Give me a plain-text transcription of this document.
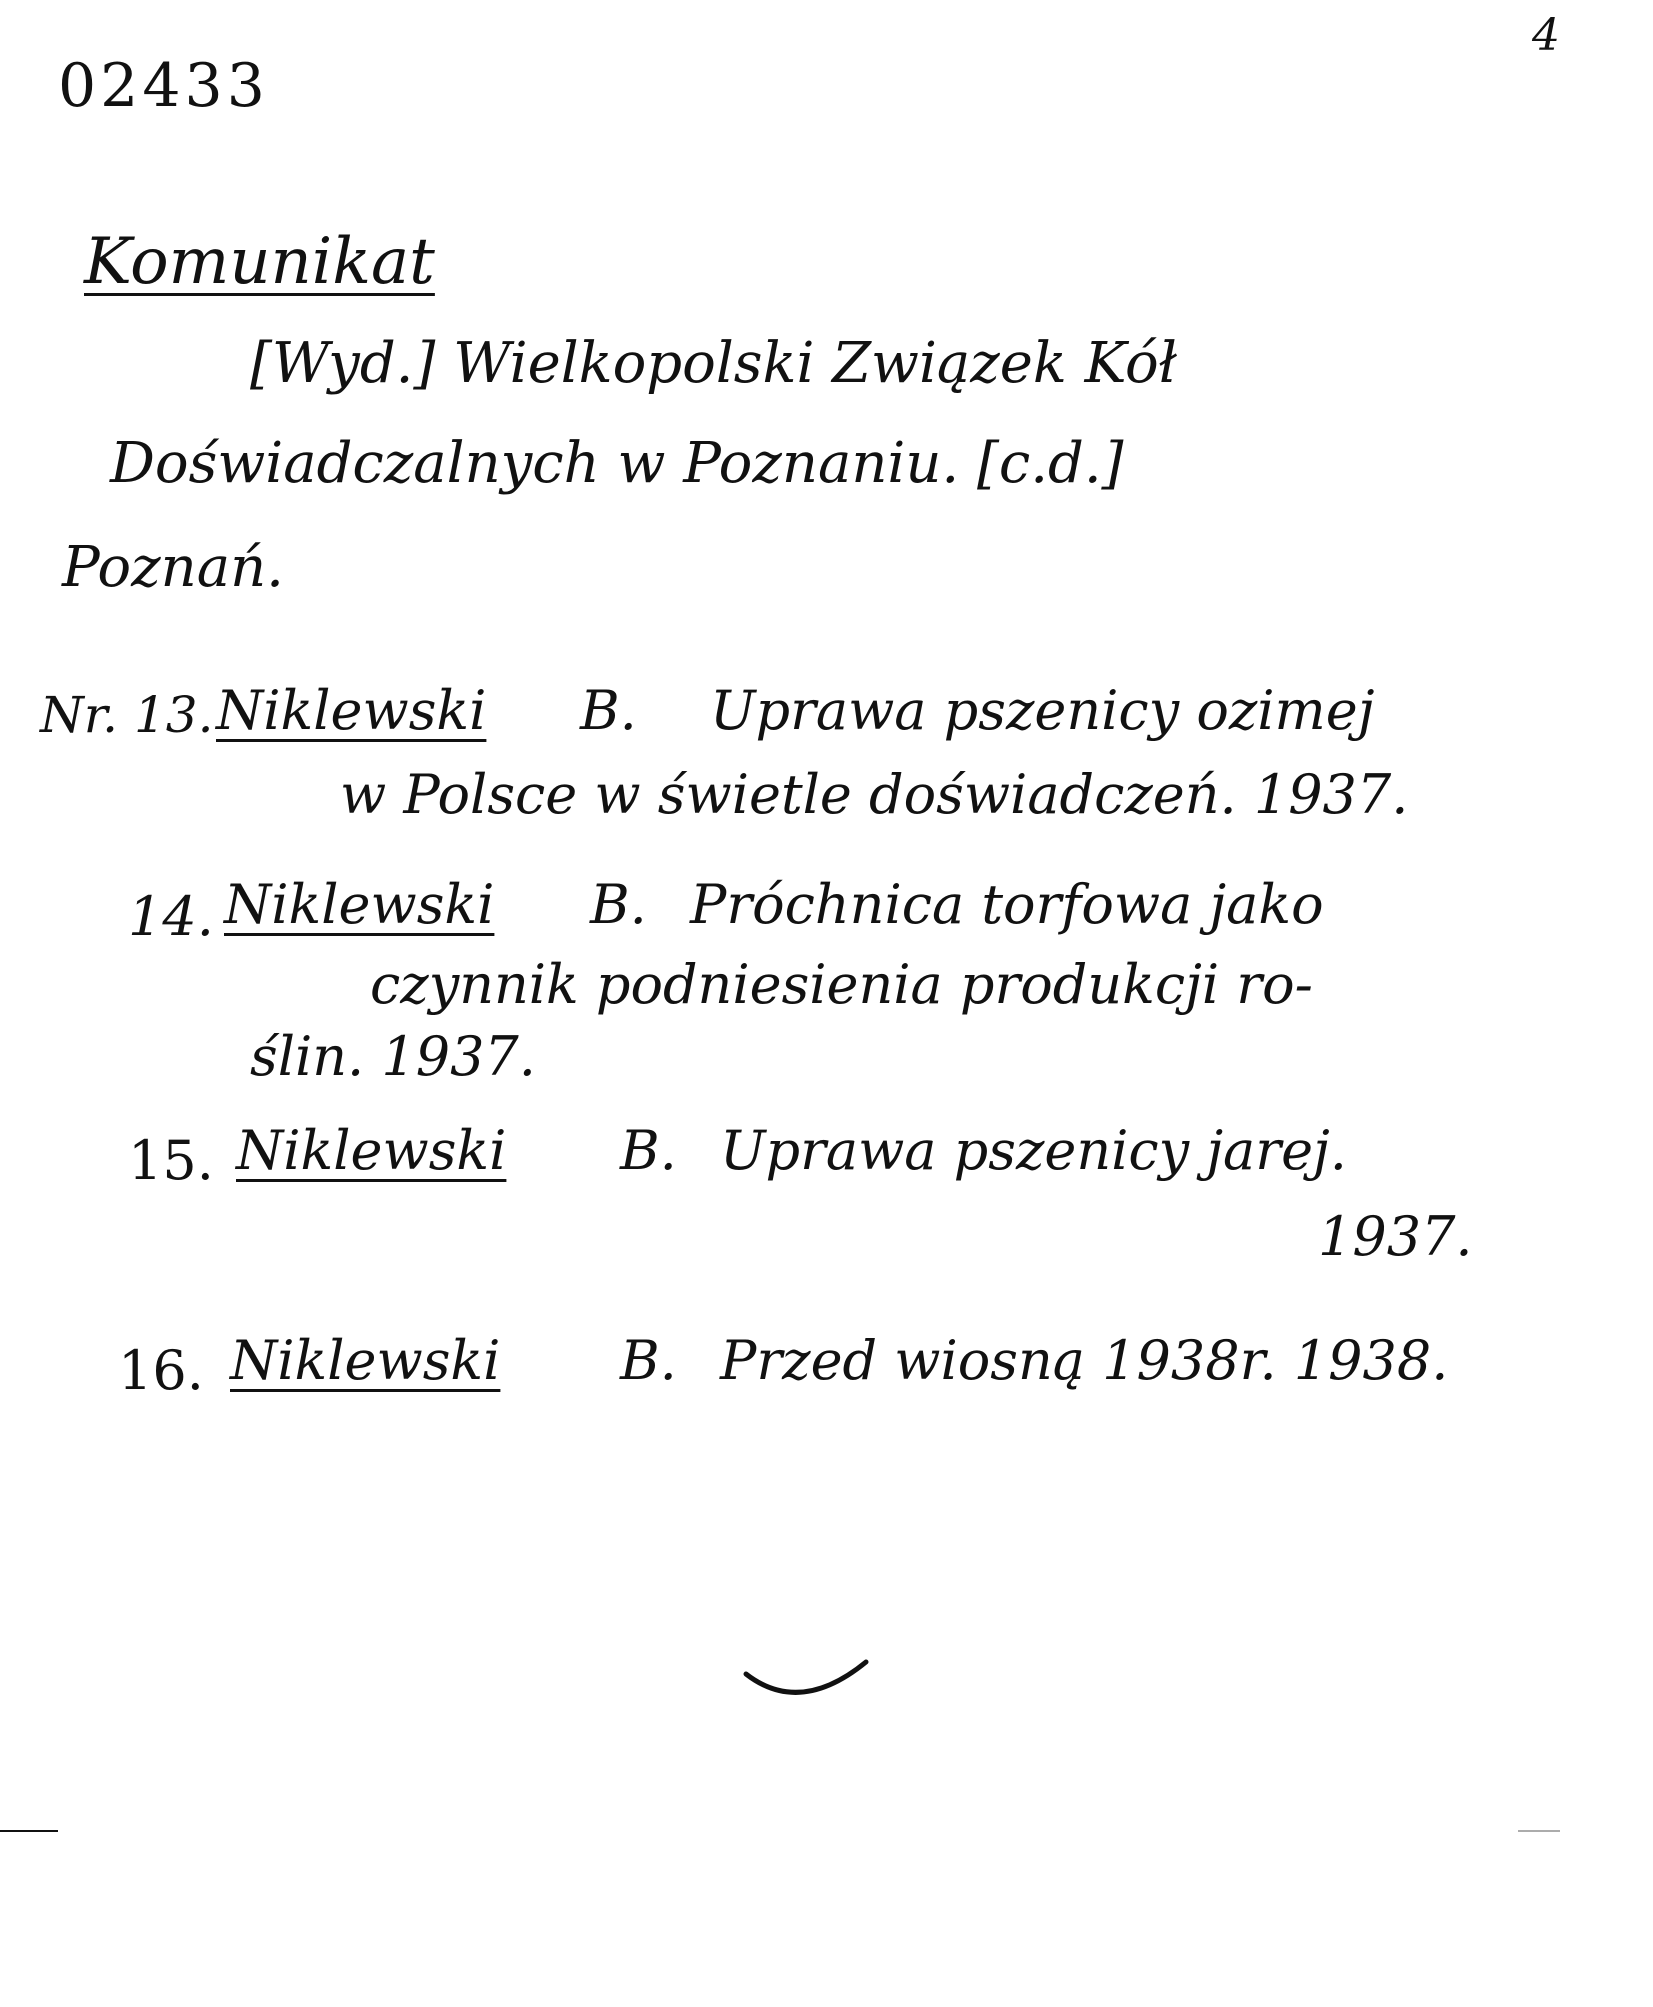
02433
4
Komunikat
[Wyd.] Wielkopolski Związek Kół
Doświadczalnych w Poznaniu. [c.d.]
Poznań.
Nr. 13. Niklewski B. Uprawa pszenicy ozimej
w Polsce w świetle doświadczeń. 1937.
14. Niklewski B. Próchnica torfowa jako
czynnik podniesienia produkcji ro-
ślin. 1937.
15. Niklewski B. Uprawa pszenicy jarej.
1937.
16. Niklewski B. Przed wiosną 1938r. 1938.
